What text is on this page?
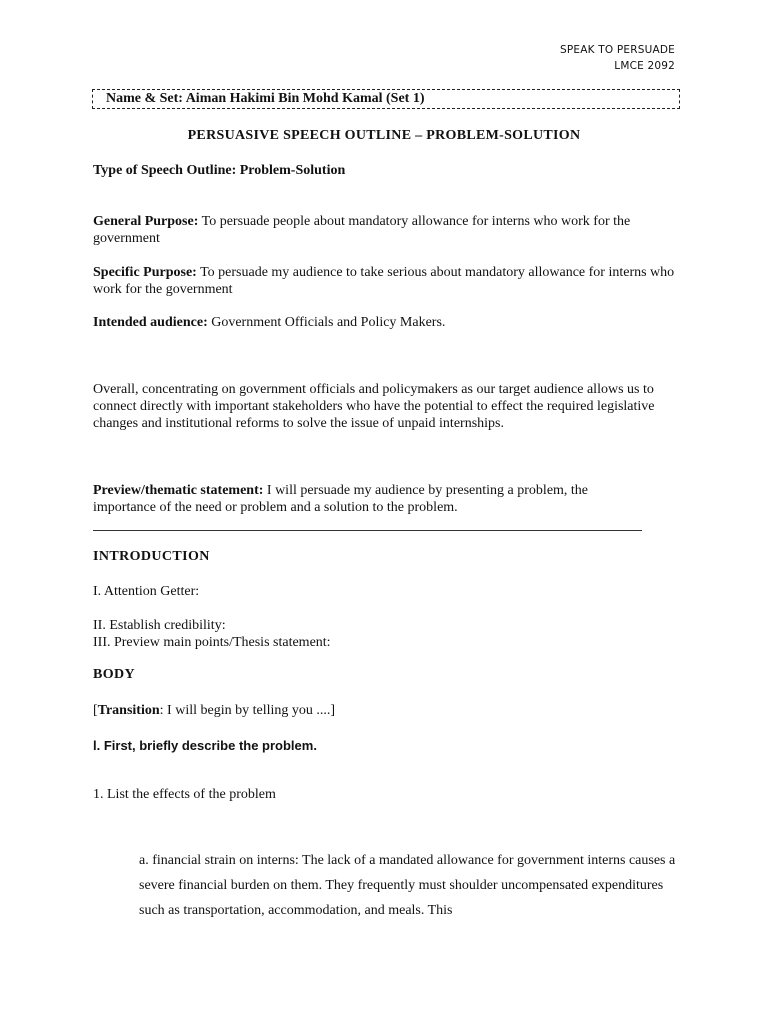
SPEAK TO PERSUADE

LMCE 2092

Name & Set: Aiman Hakimi Bin Mohd Kamal (Set 1)

PERSUASIVE SPEECH OUTLINE – PROBLEM-SOLUTION

Type of Speech Outline: Problem-Solution

General Purpose: To persuade people about mandatory allowance for interns who work for the government

Specific Purpose: To persuade my audience to take serious about mandatory allowance for interns who work for the government

Intended audience: Government Officials and Policy Makers.

Overall, concentrating on government officials and policymakers as our target audience allows us to connect directly with important stakeholders who have the potential to effect the required legislative changes and institutional reforms to solve the issue of unpaid internships.

Preview/thematic statement: I will persuade my audience by presenting a problem, the importance of the need or problem and a solution to the problem.

INTRODUCTION

I. Attention Getter:

II. Establish credibility:

III. Preview main points/Thesis statement:

BODY

[Transition: I will begin by telling you ....]

l. First, briefly describe the problem.

1. List the effects of the problem

a. financial strain on interns: The lack of a mandated allowance for government interns causes a severe financial burden on them. They frequently must shoulder uncompensated expenditures such as transportation, accommodation, and meals. This
